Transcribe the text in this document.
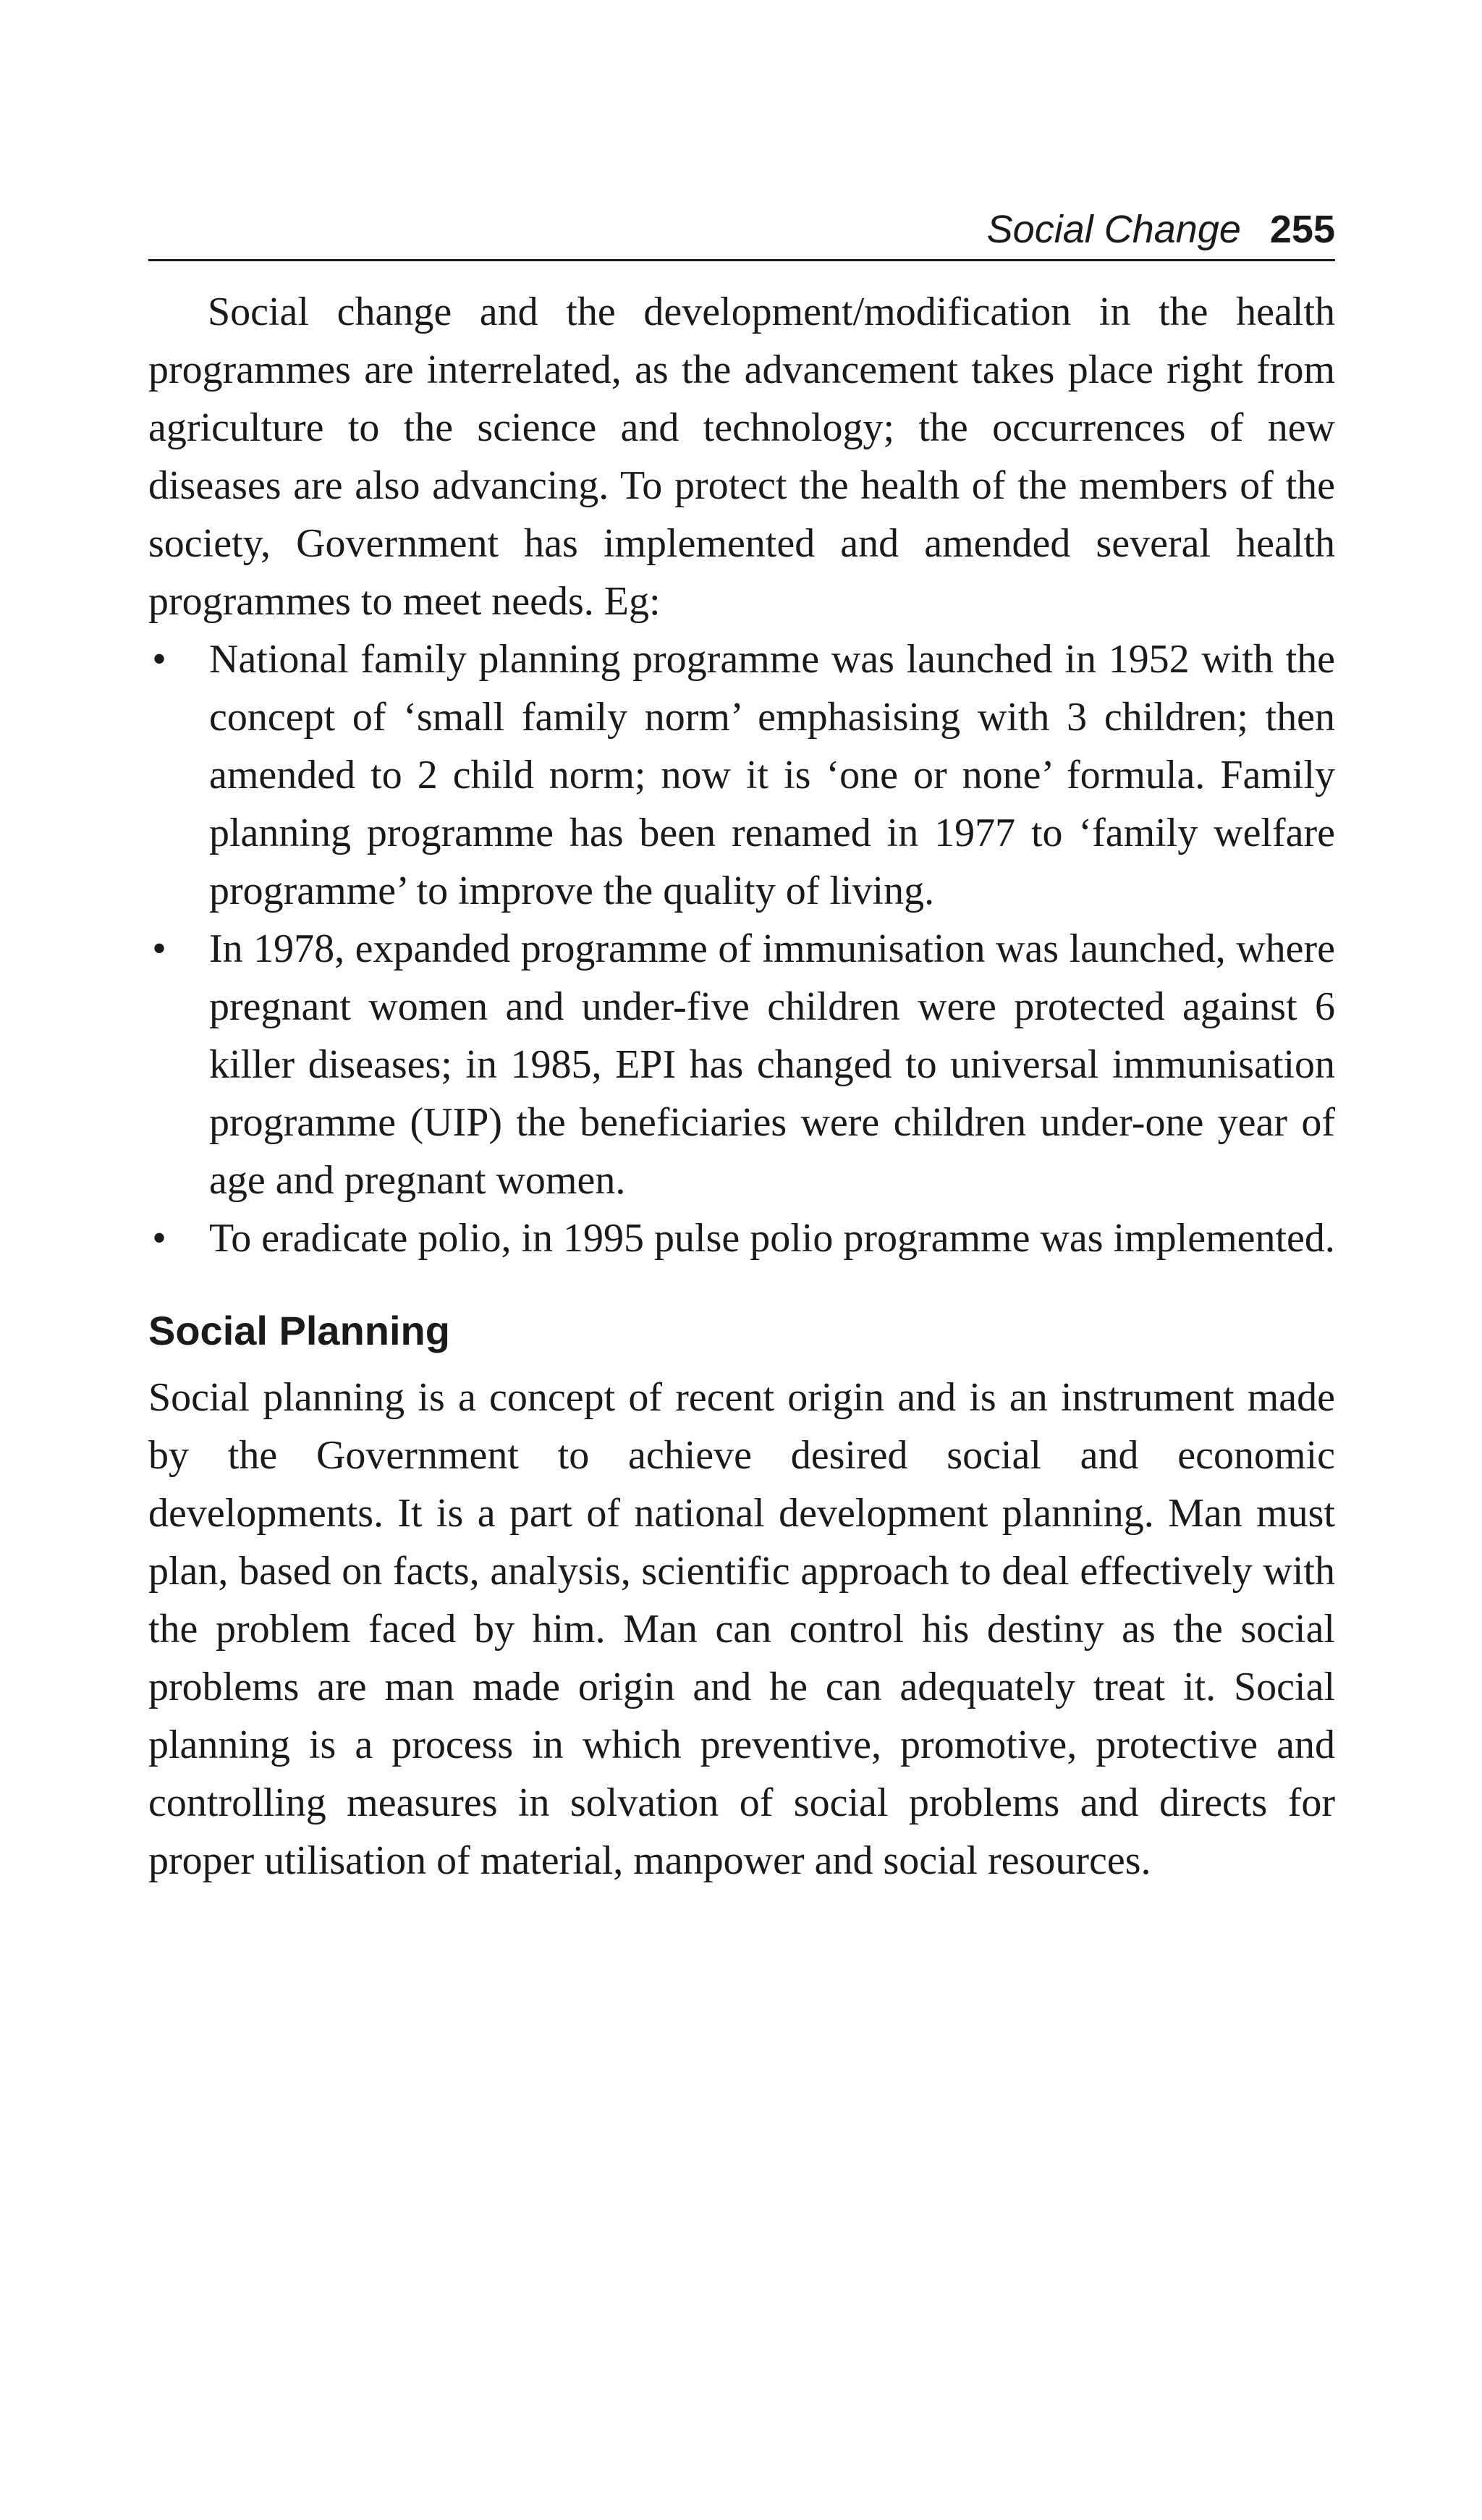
Social Change 255

Social change and the development/modification in the health programmes are interrelated, as the advancement takes place right from agriculture to the science and technology; the occurrences of new diseases are also advancing. To protect the health of the members of the society, Government has implemented and amended several health programmes to meet needs. Eg:

• National family planning programme was launched in 1952 with the concept of ‘small family norm’ emphasising with 3 children; then amended to 2 child norm; now it is ‘one or none’ formula. Family planning programme has been renamed in 1977 to ‘family welfare programme’ to improve the quality of living.
• In 1978, expanded programme of immunisation was launched, where pregnant women and under-five children were protected against 6 killer diseases; in 1985, EPI has changed to universal immunisation programme (UIP) the beneficiaries were children under-one year of age and pregnant women.
• To eradicate polio, in 1995 pulse polio programme was implemented.
Social Planning

Social planning is a concept of recent origin and is an instrument made by the Government to achieve desired social and economic developments. It is a part of national development planning. Man must plan, based on facts, analysis, scientific approach to deal effectively with the problem faced by him. Man can control his destiny as the social problems are man made origin and he can adequately treat it. Social planning is a process in which preventive, promotive, protective and controlling measures in solvation of social problems and directs for proper utilisation of material, manpower and social resources.
